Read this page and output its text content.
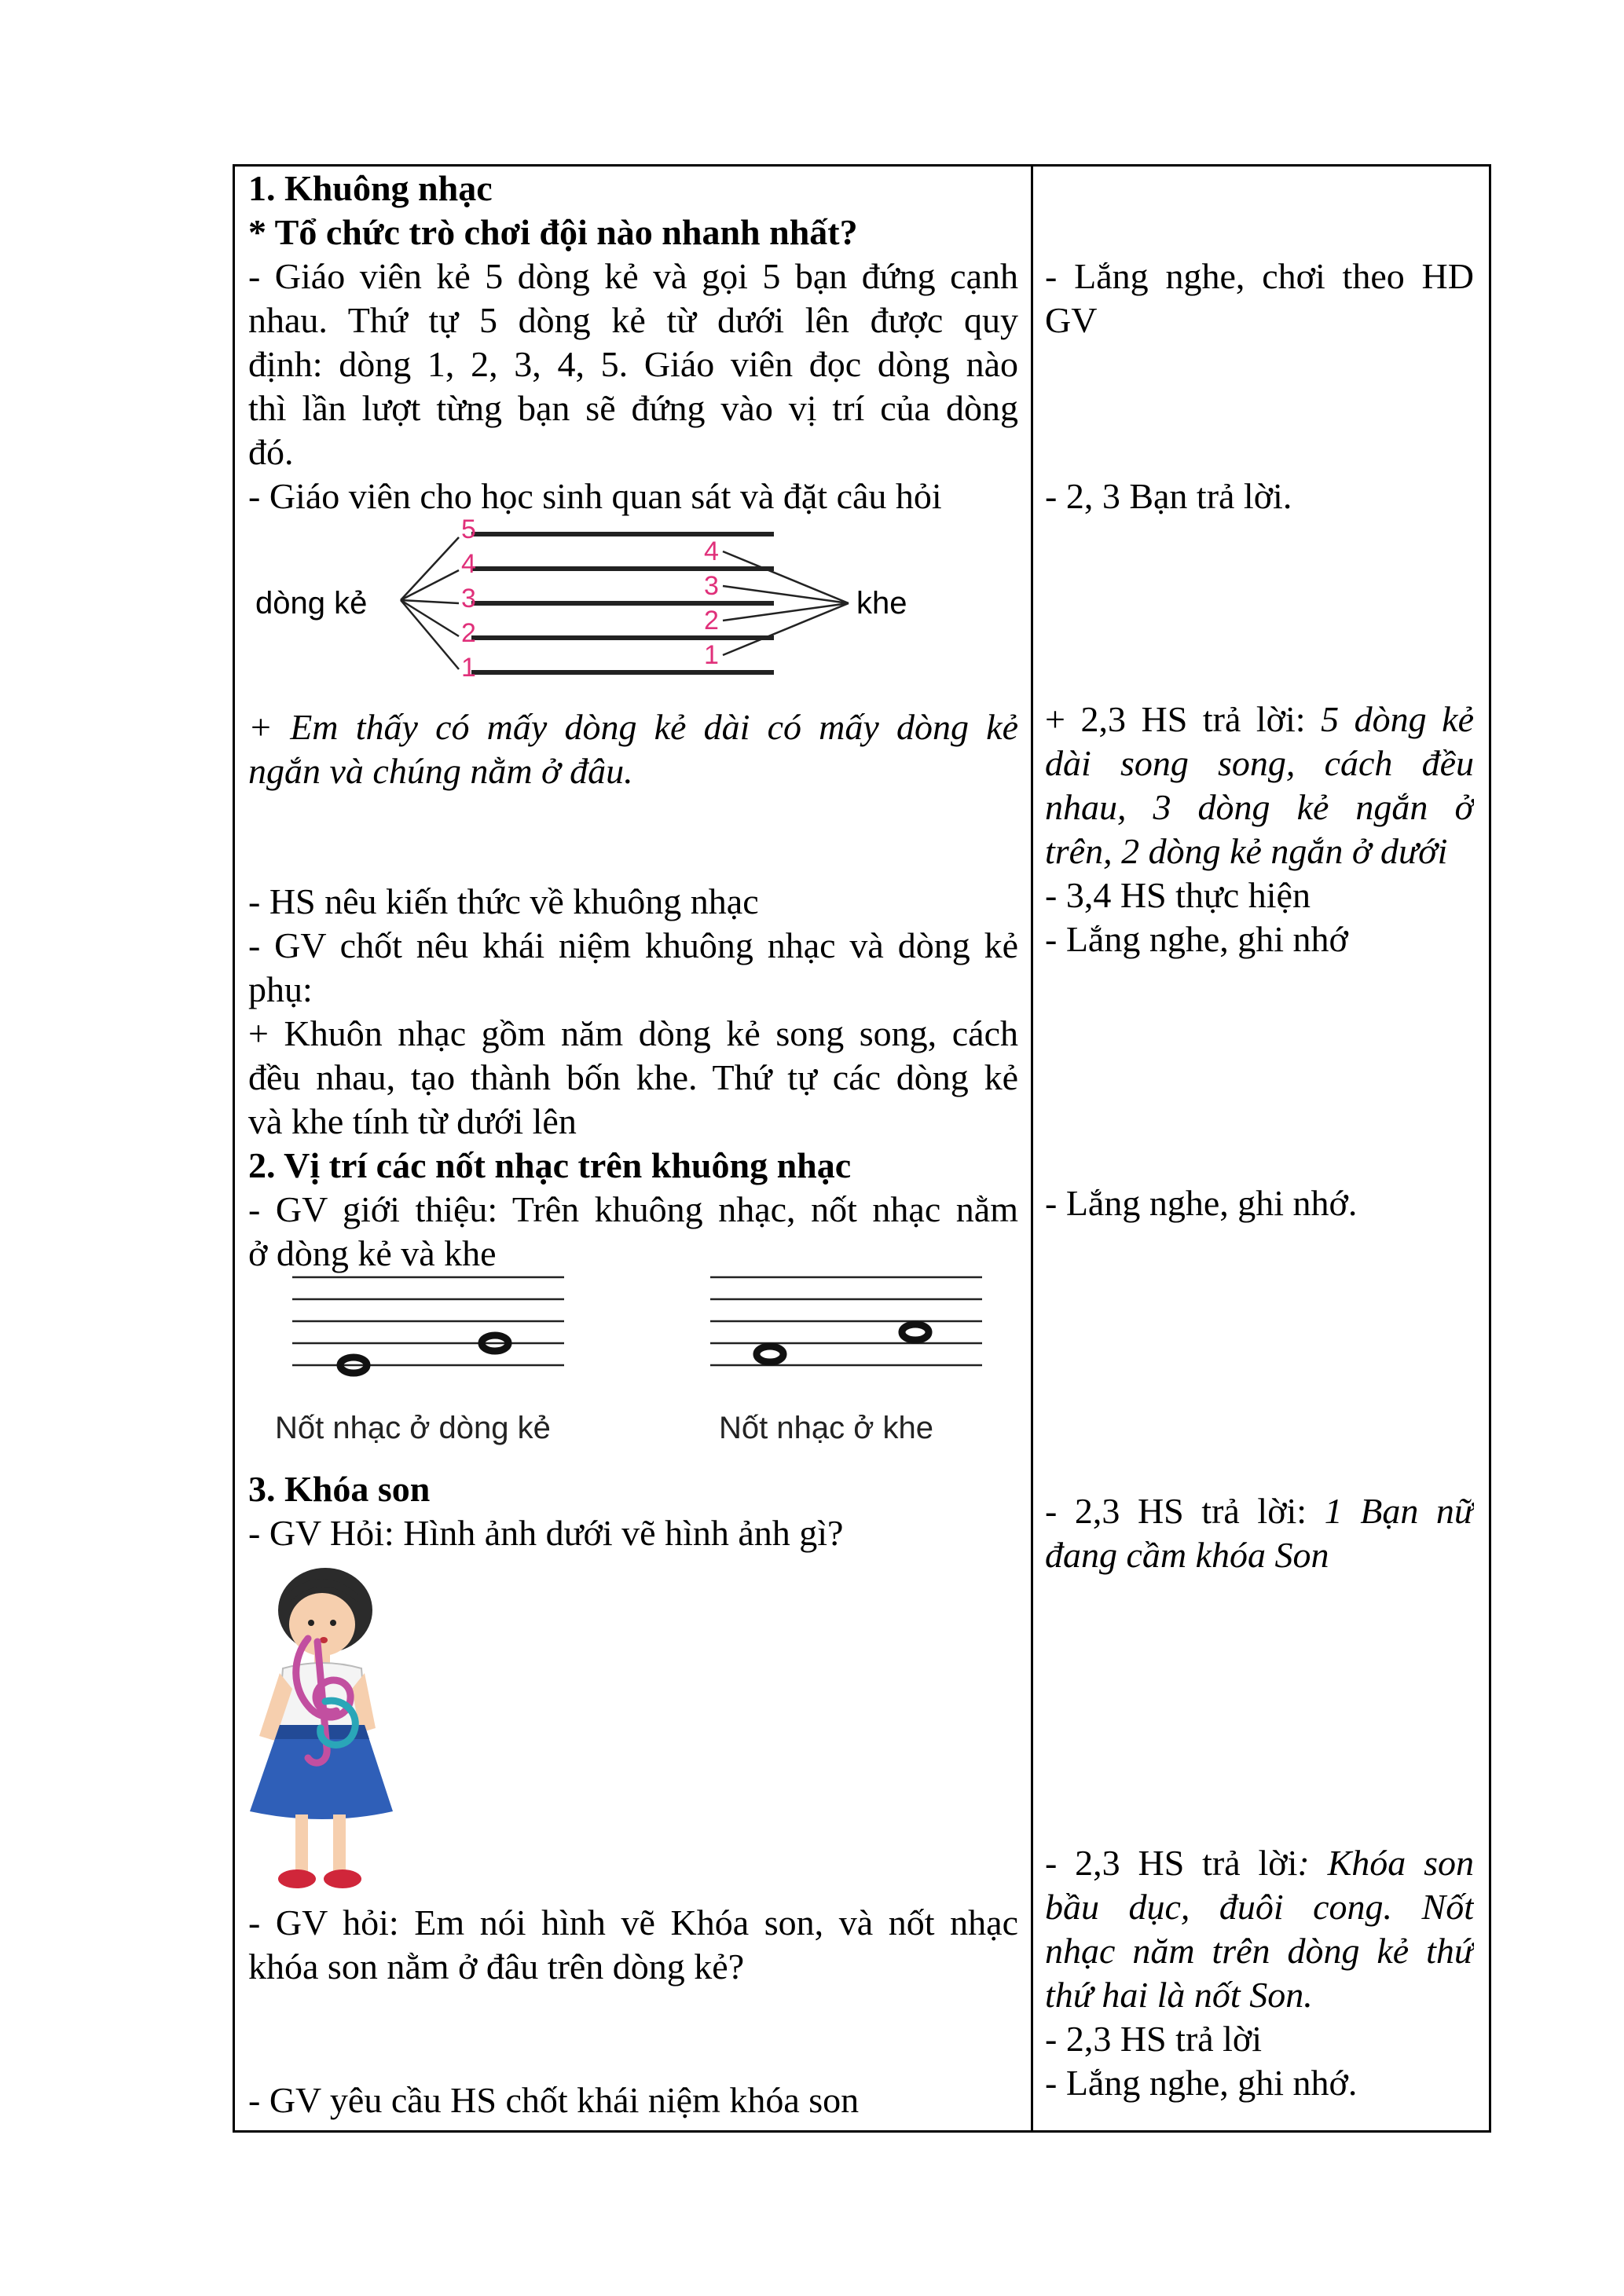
1. Khuông nhạc
* Tổ chức trò chơi đội nào nhanh nhất?
- Giáo viên kẻ 5 dòng kẻ và gọi 5 bạn đứng cạnh
nhau. Thứ tự 5 dòng kẻ từ dưới lên được quy
định: dòng 1, 2, 3, 4, 5. Giáo viên đọc dòng nào
thì lần lượt từng bạn sẽ đứng vào vị trí của dòng
đó.
- Giáo viên cho học sinh quan sát và đặt câu hỏi
dòng kẻ	khe
5
4
3
2
1
4
3
2
1
+ Em thấy có mấy dòng kẻ dài có mấy dòng kẻ
ngắn và chúng nằm ở đâu.
- HS nêu kiến thức về khuông nhạc
- GV chốt nêu khái niệm khuông nhạc và dòng kẻ
phụ:
+ Khuôn nhạc gồm năm dòng kẻ song song, cách
đều nhau, tạo thành bốn khe. Thứ tự các dòng kẻ
và khe tính từ dưới lên
2. Vị trí các nốt nhạc trên khuông nhạc
- GV giới thiệu: Trên khuông nhạc, nốt nhạc nằm
ở dòng kẻ và khe
Nốt nhạc ở dòng kẻ	Nốt nhạc ở khe
3. Khóa son
- GV Hỏi: Hình ảnh dưới vẽ hình ảnh gì?
- GV hỏi: Em nói hình vẽ Khóa son, và nốt nhạc
khóa son nằm ở đâu trên dòng kẻ?
- GV yêu cầu HS chốt khái niệm khóa son
- Lắng nghe, chơi theo HD
GV
- 2, 3 Bạn trả lời.
+ 2,3 HS trả lời: 5 dòng kẻ
dài song song, cách đều
nhau, 3 dòng kẻ ngắn ở
trên, 2 dòng kẻ ngắn ở dưới
- 3,4 HS thực hiện
- Lắng nghe, ghi nhớ
- Lắng nghe, ghi nhớ.
- 2,3 HS trả lời: 1 Bạn nữ
đang cầm khóa Son
- 2,3 HS trả lời: Khóa son
bầu dục, đuôi cong. Nốt
nhạc năm trên dòng kẻ thứ
thứ hai là nốt Son.
- 2,3 HS trả lời
- Lắng nghe, ghi nhớ.
